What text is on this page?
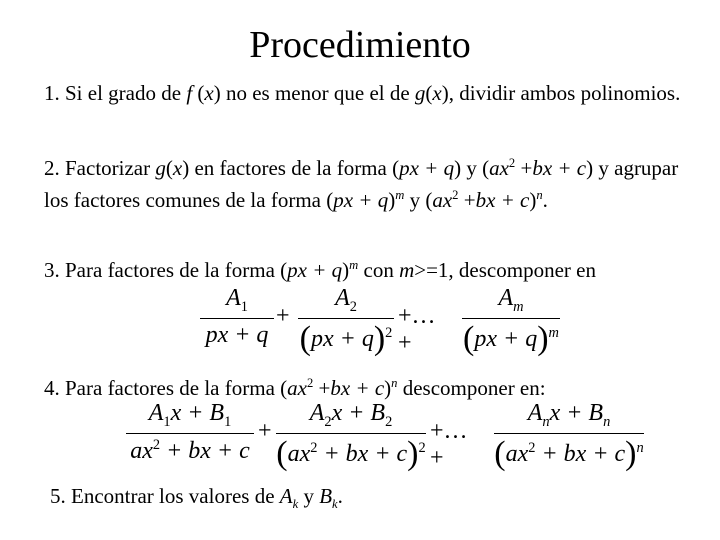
Procedimiento
1. Si el grado de f (x) no es menor que el de g(x), dividir ambos polinomios.
2. Factorizar g(x) en factores de la forma (px + q) y $(ax^2 +bx + c)$ y agrupar los factores comunes de la forma (px + q)$^m$ y $(ax^2 +bx + c)^n$.
3. Para factores de la forma (px + q)$^m$ con m>=1, descomponer en
$A_1$
px + q
+
$A_2$
(px + q)$^2$
+…+
$A_m$
(px + q)$^m$
4. Para factores de la forma $(ax^2 +bx + c)^n$ descomponer en:
$A_1x + B_1$
$ax^2$ + bx + c
+
$A_2x + B_2$
($ax^2$ + bx + c)$^2$
+…+
$A_nx + B_n$
($ax^2$ + bx + c)$^n$
5. Encontrar los valores de $A_k$ y $B_k$.
